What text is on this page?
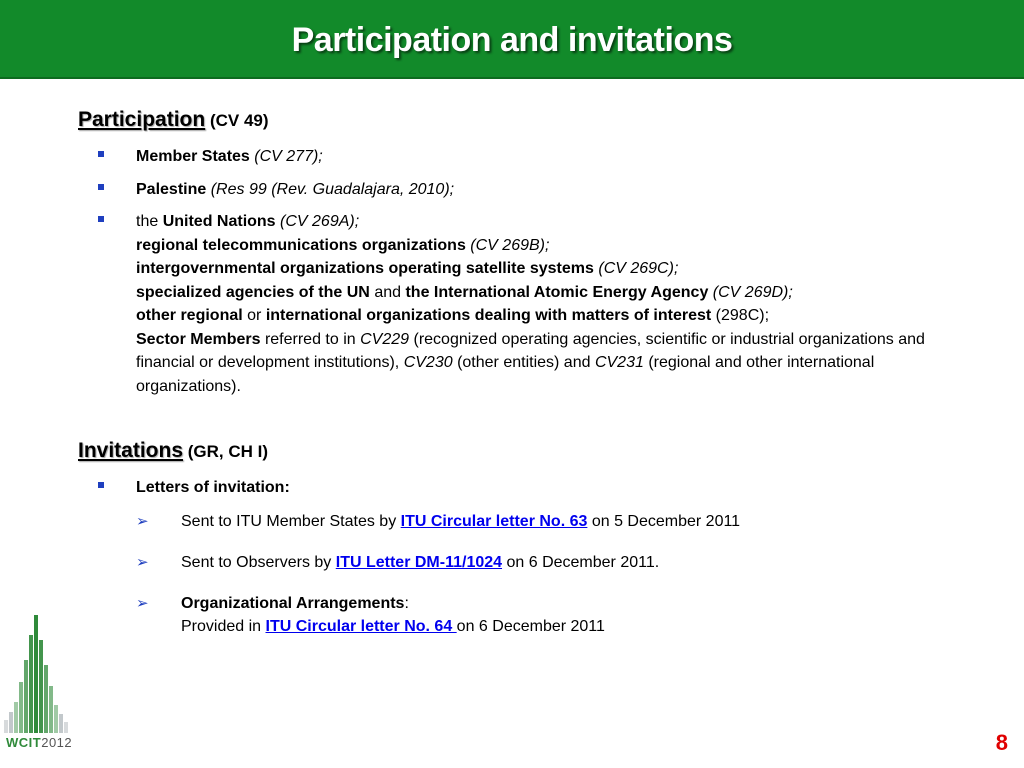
Participation and invitations

Participation (CV 49)

Member States (CV 277);
Palestine (Res 99 (Rev. Guadalajara, 2010);
the United Nations (CV 269A);
regional telecommunications organizations (CV 269B);
intergovernmental organizations operating satellite systems (CV 269C);
specialized agencies of the UN and the International Atomic Energy Agency (CV 269D);
other regional or international organizations dealing with matters of interest (298C);
Sector Members referred to in CV229 (recognized operating agencies, scientific or industrial organizations and financial or development institutions), CV230 (other entities) and CV231 (regional and other international organizations).

Invitations (GR, CH I)

Letters of invitation:
➢ Sent to ITU Member States by ITU Circular letter No. 63 on 5 December 2011
➢ Sent to Observers by ITU Letter DM-11/1024 on 6 December 2011.
➢ Organizational Arrangements:
Provided in ITU Circular letter No. 64 on 6 December 2011
WCIT2012	8
